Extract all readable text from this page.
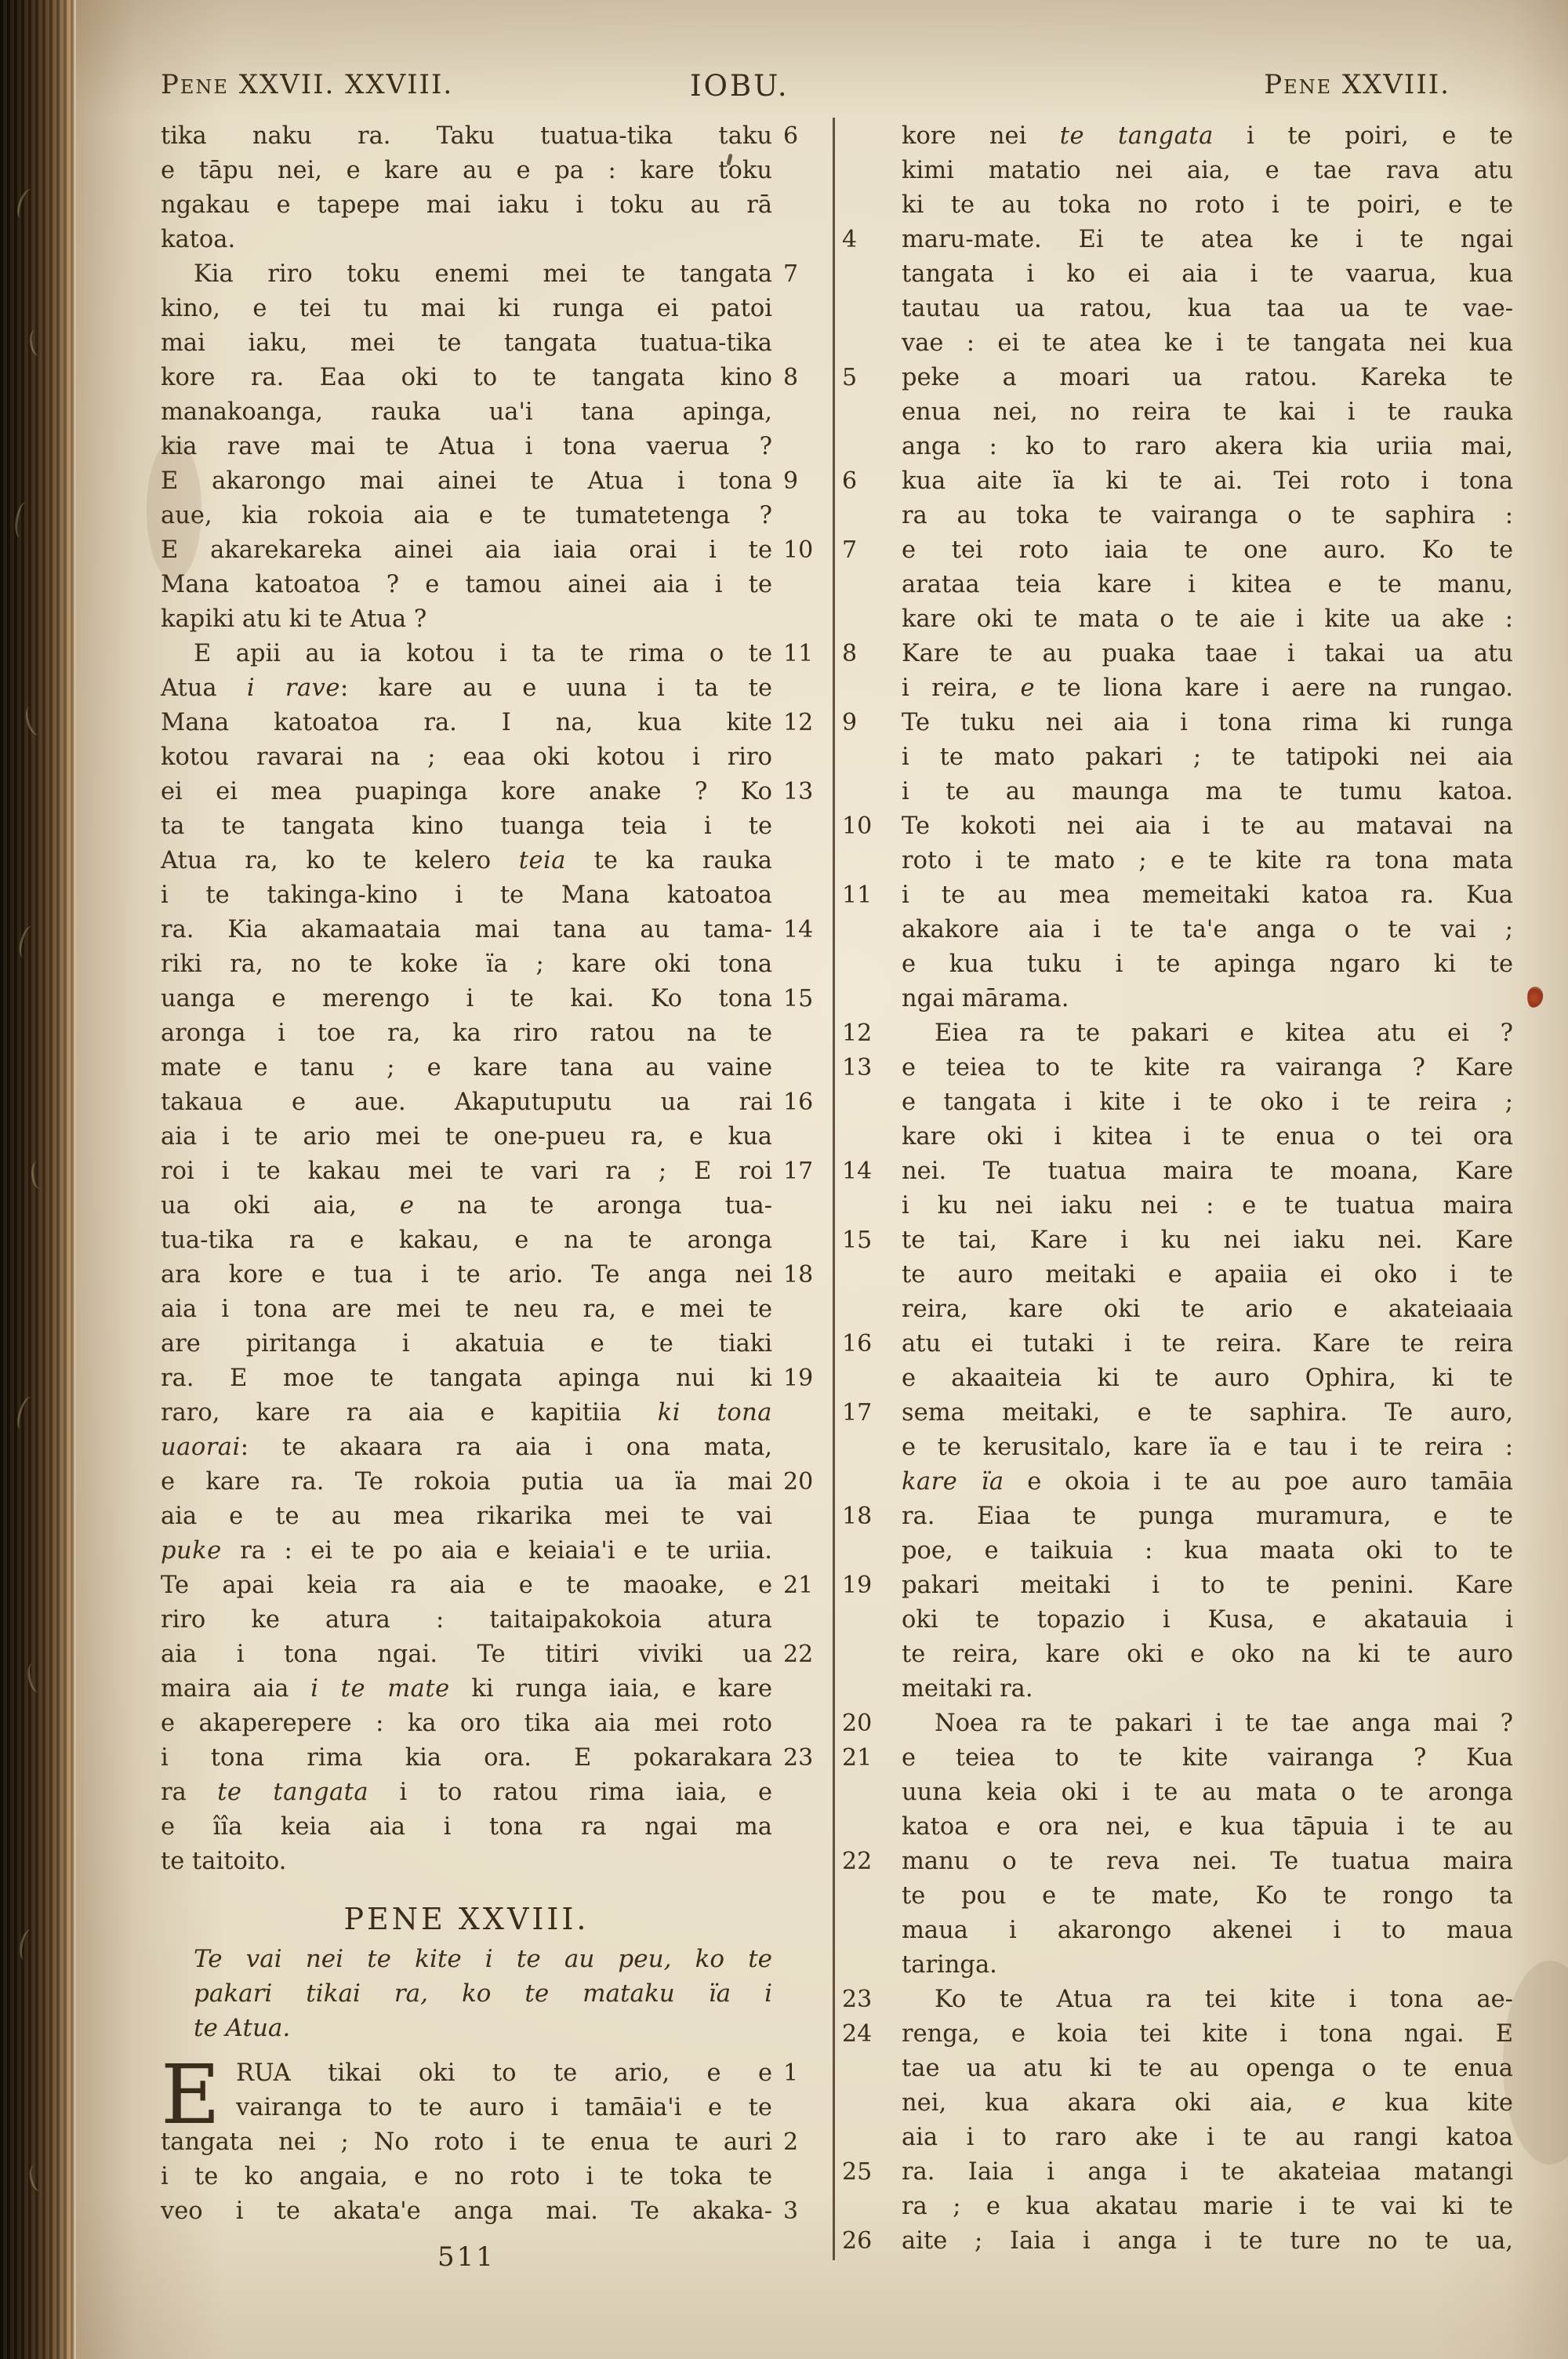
Pene XXVII. XXVIII.	IOBU.	Pene XXVIII.
tika naku ra. Taku tuatua-tika taku 6
e tāpu nei, e kare au e pa : kare toku
ngakau e tapepe mai iaku i toku au rā
katoa.
Kia riro toku enemi mei te tangata 7
kino, e tei tu mai ki runga ei patoi
mai iaku, mei te tangata tuatua-tika
kore ra. Eaa oki to te tangata kino 8
manakoanga, rauka ua'i tana apinga,
kia rave mai te Atua i tona vaerua ?
E akarongo mai ainei te Atua i tona 9
aue, kia rokoia aia e te tumatetenga ?
E akarekareka ainei aia iaia orai i te 10
Mana katoatoa ? e tamou ainei aia i te
kapiki atu ki te Atua ?
E apii au ia kotou i ta te rima o te 11
Atua i rave: kare au e uuna i ta te
Mana katoatoa ra. I na, kua kite 12
kotou ravarai na ; eaa oki kotou i riro
ei ei mea puapinga kore anake ? Ko 13
ta te tangata kino tuanga teia i te
Atua ra, ko te kelero teia te ka rauka
i te takinga-kino i te Mana katoatoa
ra. Kia akamaataia mai tana au tama- 14
riki ra, no te koke ïa ; kare oki tona
uanga e merengo i te kai. Ko tona 15
aronga i toe ra, ka riro ratou na te
mate e tanu ; e kare tana au vaine
takaua e aue. Akaputuputu ua rai 16
aia i te ario mei te one-pueu ra, e kua
roi i te kakau mei te vari ra ; E roi 17
ua oki aia, e na te aronga tua-
tua-tika ra e kakau, e na te aronga
ara kore e tua i te ario. Te anga nei 18
aia i tona are mei te neu ra, e mei te
are piritanga i akatuia e te tiaki
ra. E moe te tangata apinga nui ki 19
raro, kare ra aia e kapitiia ki tona
uaorai: te akaara ra aia i ona mata,
e kare ra. Te rokoia putia ua ïa mai 20
aia e te au mea rikarika mei te vai
puke ra : ei te po aia e keiaia'i e te uriia.
Te apai keia ra aia e te maoake, e 21
riro ke atura : taitaipakokoia atura
aia i tona ngai. Te titiri viviki ua 22
maira aia i te mate ki runga iaia, e kare
e akaperepere : ka oro tika aia mei roto
i tona rima kia ora. E pokarakara 23
ra te tangata i to ratou rima iaia, e
e îîa keia aia i tona ra ngai ma
te taitoito.
PENE XXVIII.
Te vai nei te kite i te au peu, ko te
pakari tikai ra, ko te mataku ïa i
te Atua.
E RUA tikai oki to te ario, e e 1
vairanga to te auro i tamāia'i e te
tangata nei ; No roto i te enua te auri 2
i te ko angaia, e no roto i te toka te
veo i te akata'e anga mai. Te akaka- 3
511
kore nei te tangata i te poiri, e te
kimi matatio nei aia, e tae rava atu
ki te au toka no roto i te poiri, e te
maru-mate. Ei te atea ke i te ngai
4
tangata i ko ei aia i te vaarua, kua
tautau ua ratou, kua taa ua te vae-
vae : ei te atea ke i te tangata nei kua
peke a moari ua ratou. Kareka te
5
enua nei, no reira te kai i te rauka
anga : ko to raro akera kia uriia mai,
kua aite ïa ki te ai. Tei roto i tona
6
ra au toka te vairanga o te saphira :
e tei roto iaia te one auro. Ko te
7
arataa teia kare i kitea e te manu,
kare oki te mata o te aie i kite ua ake :
Kare te au puaka taae i takai ua atu
8
i reira, e te liona kare i aere na rungao.
Te tuku nei aia i tona rima ki runga
9
i te mato pakari ; te tatipoki nei aia
i te au maunga ma te tumu katoa.
Te kokoti nei aia i te au matavai na
10
roto i te mato ; e te kite ra tona mata
i te au mea memeitaki katoa ra. Kua
11
akakore aia i te ta'e anga o te vai ;
e kua tuku i te apinga ngaro ki te
ngai mārama.
Eiea ra te pakari e kitea atu ei ?
12
e teiea to te kite ra vairanga ? Kare
13
e tangata i kite i te oko i te reira ;
kare oki i kitea i te enua o tei ora
nei. Te tuatua maira te moana, Kare
14
i ku nei iaku nei : e te tuatua maira
te tai, Kare i ku nei iaku nei. Kare
15
te auro meitaki e apaiia ei oko i te
reira, kare oki te ario e akateiaaia
atu ei tutaki i te reira. Kare te reira
16
e akaaiteia ki te auro Ophira, ki te
sema meitaki, e te saphira. Te auro,
17
e te kerusitalo, kare ïa e tau i te reira :
kare ïa e okoia i te au poe auro tamāia
ra. Eiaa te punga muramura, e te
18
poe, e taikuia : kua maata oki to te
pakari meitaki i to te penini. Kare
19
oki te topazio i Kusa, e akatauia i
te reira, kare oki e oko na ki te auro
meitaki ra.
Noea ra te pakari i te tae anga mai ?
20
e teiea to te kite vairanga ? Kua
21
uuna keia oki i te au mata o te aronga
katoa e ora nei, e kua tāpuia i te au
manu o te reva nei. Te tuatua maira
22
te pou e te mate, Ko te rongo ta
maua i akarongo akenei i to maua
taringa.
Ko te Atua ra tei kite i tona ae-
23
renga, e koia tei kite i tona ngai. E
24
tae ua atu ki te au openga o te enua
nei, kua akara oki aia, e kua kite
aia i to raro ake i te au rangi katoa
ra. Iaia i anga i te akateiaa matangi
25
ra ; e kua akatau marie i te vai ki te
aite ; Iaia i anga i te ture no te ua,
26
